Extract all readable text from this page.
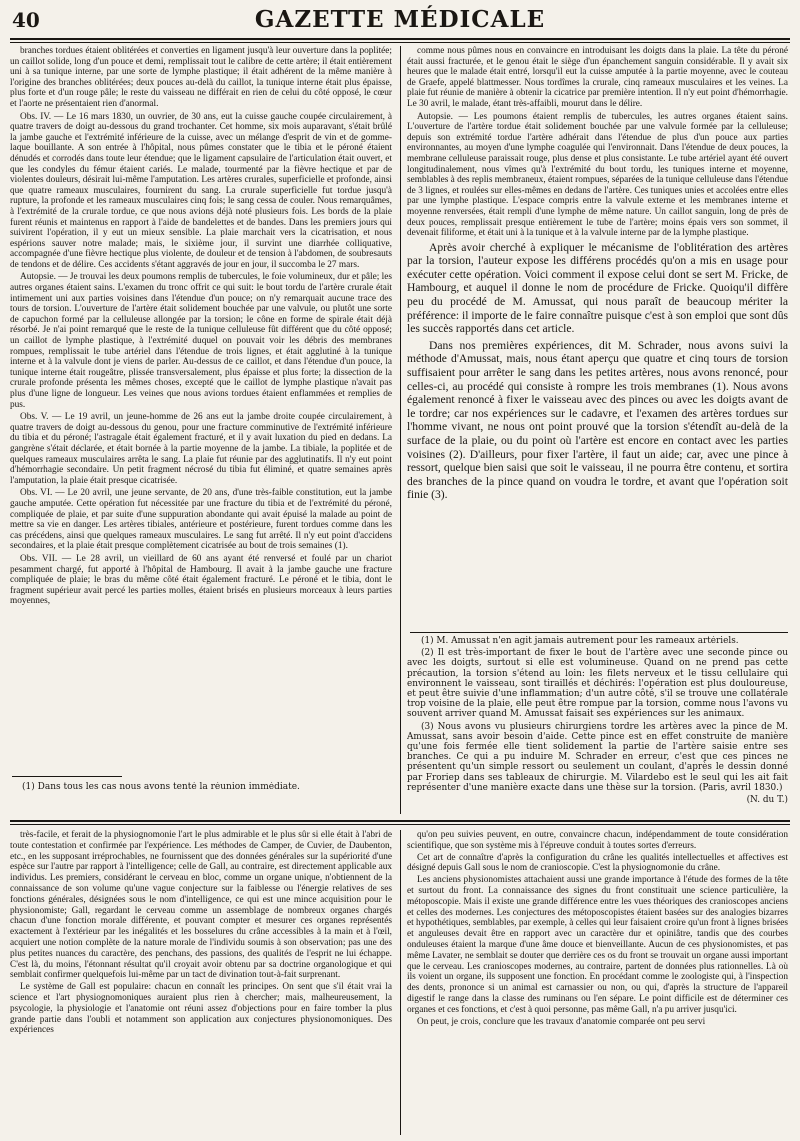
40	GAZETTE MÉDICALE

branches tordues étaient oblitérées et converties en ligament jusqu'à leur ouverture dans la poplitée; un caillot solide, long d'un pouce et demi, remplissait tout le calibre de cette artère; il était entièrement uni à sa tunique interne, par une sorte de lymphe plastique; il était adhérent de la même manière à l'origine des branches oblitérées; deux pouces au-delà du caillot, la tunique interne était plus épaisse, plus forte et d'un rouge pâle; le reste du vaisseau ne différait en rien de celui du côté opposé, le cœur et l'aorte ne présentaient rien d'anormal.

Obs. IV. — Le 16 mars 1830, un ouvrier, de 30 ans, eut la cuisse gauche coupée circulairement, à quatre travers de doigt au-dessous du grand trochanter. Cet homme, six mois auparavant, s'était brûlé la jambe gauche et l'extrémité inférieure de la cuisse, avec un mélange d'esprit de vin et de gomme-laque bouillante. A son entrée à l'hôpital, nous pûmes constater que le tibia et le péroné étaient dénudés et corrodés dans toute leur étendue; que le ligament capsulaire de l'articulation était ouvert, et que les condyles du fémur étaient cariés. Le malade, tourmenté par la fièvre hectique et par de violentes douleurs, désirait lui-même l'amputation. Les artères crurales, superficielle et profonde, ainsi que quatre rameaux musculaires, fournirent du sang. La crurale superficielle fut tordue jusqu'à rupture, la profonde et les rameaux musculaires cinq fois; le sang cessa de couler. Nous remarquâmes, à l'extrémité de la crurale tordue, ce que nous avions déjà noté plusieurs fois. Les bords de la plaie furent réunis et maintenus en rapport à l'aide de bandelettes et de bandes. Dans les premiers jours qui suivirent l'opération, il y eut un mieux sensible. La plaie marchait vers la cicatrisation, et nous espérions sauver notre malade; mais, le sixième jour, il survint une diarrhée colliquative, accompagnée d'une fièvre hectique plus violente, de douleur et de tension à l'abdomen, de soubresauts de tendons et de délire. Ces accidents s'étant aggravés de jour en jour, il succomba le 27 mars.

Autopsie. — Je trouvai les deux poumons remplis de tubercules, le foie volumineux, dur et pâle; les autres organes étaient sains. L'examen du tronc offrit ce qui suit: le bout tordu de l'artère crurale était intimement uni aux parties voisines dans l'étendue d'un pouce; on n'y remarquait aucune trace des tours de torsion. L'ouverture de l'artère était solidement bouchée par une valvule, ou plutôt une sorte de capuchon formé par la celluleuse allongée par la torsion; le cône en forme de spirale était déjà résorbé. Je n'ai point remarqué que le reste de la tunique celluleuse fût différent que du côté opposé; un caillot de lymphe plastique, à l'extrémité duquel on pouvait voir les débris des membranes rompues, remplissait le tube artériel dans l'étendue de trois lignes, et était agglutiné à la tunique interne et à la valvule dont je viens de parler. Au-dessus de ce caillot, et dans l'étendue d'un pouce, la tunique interne était rougeâtre, plissée transversalement, plus épaisse et plus forte; la dissection de la crurale profonde présenta les mêmes choses, excepté que le caillot de lymphe plastique n'avait pas plus d'une ligne de longueur. Les veines que nous avions tordues étaient enflammées et remplies de pus.

Obs. V. — Le 19 avril, un jeune-homme de 26 ans eut la jambe droite coupée circulairement, à quatre travers de doigt au-dessous du genou, pour une fracture comminutive de l'extrémité inférieure du tibia et du péroné; l'astragale était également fracturé, et il y avait luxation du pied en dedans. La gangrène s'était déclarée, et était bornée à la partie moyenne de la jambe. La tibiale, la poplitée et de quelques rameaux musculaires arrêta le sang. La plaie fut réunie par des agglutinatifs. Il n'y eut point d'hémorrhagie secondaire. Un petit fragment nécrosé du tibia fut éliminé, et quatre semaines après l'amputation, la plaie était presque cicatrisée.

Obs. VI. — Le 20 avril, une jeune servante, de 20 ans, d'une très-faible constitution, eut la jambe gauche amputée. Cette opération fut nécessitée par une fracture du tibia et de l'extrémité du péroné, compliquée de plaie, et par suite d'une suppuration abondante qui avait épuisé la malade au point de mettre sa vie en danger. Les artères tibiales, antérieure et postérieure, furent tordues comme dans les cas précédens, ainsi que quelques rameaux musculaires. Le sang fut arrêté. Il n'y eut point d'accidens secondaires, et la plaie était presque complètement cicatrisée au bout de trois semaines (1).

Obs. VII. — Le 28 avril, un vieillard de 60 ans ayant été renversé et foulé par un chariot pesamment chargé, fut apporté à l'hôpital de Hambourg. Il avait à la jambe gauche une fracture compliquée de plaie; le bras du même côté était également fracturé. Le péroné et le tibia, dont le fragment supérieur avait percé les parties molles, étaient brisés en plusieurs morceaux à leurs parties moyennes,

(1) Dans tous les cas nous avons tenté la réunion immédiate.

comme nous pûmes nous en convaincre en introduisant les doigts dans la plaie. La tête du péroné était aussi fracturée, et le genou était le siège d'un épanchement sanguin considérable. Il y avait six heures que le malade était entré, lorsqu'il eut la cuisse amputée à la partie moyenne, avec le couteau de Graefe, appelé blattmesser. Nous tordîmes la crurale, cinq rameaux musculaires et les veines. La plaie fut réunie de manière à obtenir la cicatrice par première intention. Il n'y eut point d'hémorrhagie. Le 30 avril, le malade, étant très-affaibli, mourut dans le délire.

Autopsie. — Les poumons étaient remplis de tubercules, les autres organes étaient sains. L'ouverture de l'artère tordue était solidement bouchée par une valvule formée par la celluleuse; depuis son extrémité tordue l'artère adhérait dans l'étendue de plus d'un pouce aux parties environnantes, au moyen d'une lymphe coagulée qui l'environnait. Dans l'étendue de deux pouces, la membrane celluleuse paraissait rouge, plus dense et plus consistante. Le tube artériel ayant été ouvert longitudinalement, nous vîmes qu'à l'extrémité du bout tordu, les tuniques interne et moyenne, semblables à des replis membraneux, étaient rompues, séparées de la tunique celluleuse dans l'étendue de 3 lignes, et roulées sur elles-mêmes en dedans de l'artère. Ces tuniques unies et accolées entre elles par une lymphe plastique. L'espace compris entre la valvule externe et les membranes interne et moyenne renversées, était rempli d'une lymphe de même nature. Un caillot sanguin, long de près de deux pouces, remplissait presque entièrement le tube de l'artère; moins épais vers son sommet, il devenait filiforme, et était uni à la tunique et à la valvule interne par de la lymphe plastique.

Après avoir cherché à expliquer le mécanisme de l'oblitération des artères par la torsion, l'auteur expose les différens procédés qu'on a mis en usage pour exécuter cette opération. Voici comment il expose celui dont se sert M. Fricke, de Hambourg, et auquel il donne le nom de procédure de Fricke. Quoiqu'il diffère peu du procédé de M. Amussat, qui nous paraît de beaucoup mériter la préférence: il importe de le faire connaître puisque c'est à son emploi que sont dûs les succès rapportés dans cet article.

Dans nos premières expériences, dit M. Schrader, nous avons suivi la méthode d'Amussat, mais, nous étant aperçu que quatre et cinq tours de torsion suffisaient pour arrêter le sang dans les petites artères, nous avons renoncé, pour celles-ci, au procédé qui consiste à rompre les trois membranes (1). Nous avons également renoncé à fixer le vaisseau avec des pinces ou avec les doigts avant de le tordre; car nos expériences sur le cadavre, et l'examen des artères tordues sur l'homme vivant, ne nous ont point prouvé que la torsion s'étendît au-delà de la surface de la plaie, ou du point où l'artère est encore en contact avec les parties voisines (2). D'ailleurs, pour fixer l'artère, il faut un aide; car, avec une pince à ressort, quelque bien saisi que soit le vaisseau, il ne pourra être contenu, et sortira des branches de la pince quand on voudra le tordre, et avant que l'opération soit finie (3).

(1) M. Amussat n'en agit jamais autrement pour les rameaux artériels.

(2) Il est très-important de fixer le bout de l'artère avec une seconde pince ou avec les doigts, surtout si elle est volumineuse. Quand on ne prend pas cette précaution, la torsion s'étend au loin: les filets nerveux et le tissu cellulaire qui environnent le vaisseau, sont tiraillés et déchirés: l'opération est plus douloureuse, et peut être suivie d'une inflammation; d'un autre côté, s'il se trouve une collatérale trop voisine de la plaie, elle peut être rompue par la torsion, comme nous l'avons vu souvent arriver quand M. Amussat faisait ses expériences sur les animaux.

(3) Nous avons vu plusieurs chirurgiens tordre les artères avec la pince de M. Amussat, sans avoir besoin d'aide. Cette pince est en effet construite de manière qu'une fois fermée elle tient solidement la partie de l'artère saisie entre ses branches. Ce qui a pu induire M. Schrader en erreur, c'est que ces pinces ne présentent qu'un simple ressort ou seulement un coulant, d'après le dessin donné par Froriep dans ses tableaux de chirurgie. M. Vilardebo est le seul qui les ait fait représenter d'une manière exacte dans une thèse sur la torsion. (Paris, avril 1830.)

(N. du T.)

très-facile, et ferait de la physiognomonie l'art le plus admirable et le plus sûr si elle était à l'abri de toute contestation et confirmée par l'expérience. Les méthodes de Camper, de Cuvier, de Daubenton, etc., en les supposant irréprochables, ne fournissent que des données générales sur la supériorité d'une espèce sur l'autre par rapport à l'intelligence; celle de Gall, au contraire, est directement applicable aux individus. Les premiers, considérant le cerveau en bloc, comme un organe unique, n'obtiennent de la connaissance de son volume qu'une vague conjecture sur la faiblesse ou l'énergie relatives de ses fonctions générales, désignées sous le nom d'intelligence, ce qui est une mince acquisition pour le physionomiste; Gall, regardant le cerveau comme un assemblage de nombreux organes chargés chacun d'une fonction morale différente, et pouvant compter et mesurer ces organes représentés exactement à l'extérieur par les inégalités et les bosselures du crâne accessibles à la main et à l'œil, acquiert une notion complète de la nature morale de l'individu soumis à son observation; pas une des plus petites nuances du caractère, des penchans, des passions, des qualités de l'esprit ne lui échappe. C'est là, du moins, l'étonnant résultat qu'il croyait avoir obtenu par sa doctrine organologique et qui semblait confirmer quelquefois lui-même par un tact de divination tout-à-fait surprenant.

Le système de Gall est populaire: chacun en connaît les principes. On sent que s'il était vrai la science et l'art physiognomoniques auraient plus rien à chercher; mais, malheureusement, la psycologie, la physiologie et l'anatomie ont réuni assez d'objections pour en faire tomber la plus grande partie dans l'oubli et notamment son application aux conjectures physionomoniques. Des expériences

qu'on peu suivies peuvent, en outre, convaincre chacun, indépendamment de toute considération scientifique, que son système mis à l'épreuve conduit à toutes sortes d'erreurs.

Cet art de connaître d'après la configuration du crâne les qualités intellectuelles et affectives est désigné depuis Gall sous le nom de cranioscopie. C'est la physiognomonie du crâne.

Les anciens physionomistes attachaient aussi une grande importance à l'étude des formes de la tête et surtout du front. La connaissance des signes du front constituait une science particulière, la métoposcopie. Mais il existe une grande différence entre les vues théoriques des cranioscopes anciens et celles des modernes. Les conjectures des métoposcopistes étaient basées sur des analogies bizarres et hypothétiques, semblables, par exemple, à celles qui leur faisaient croire qu'un front à lignes brisées et anguleuses devait être en rapport avec un caractère dur et opiniâtre, tandis que des courbes onduleuses étaient la marque d'une âme douce et bienveillante. Aucun de ces physionomistes, et pas même Lavater, ne semblait se douter que derrière ces os du front se trouvait un organe aussi important que le cerveau. Les cranioscopes modernes, au contraire, partent de données plus rationnelles. Là où ils voient un organe, ils supposent une fonction. En procédant comme le zoologiste qui, à l'inspection des dents, prononce si un animal est carnassier ou non, ou qui, d'après la structure de l'appareil digestif le range dans la classe des ruminans ou l'en sépare. Le point difficile est de déterminer ces organes et ces fonctions, et c'est à quoi personne, pas même Gall, n'a pu arriver jusqu'ici.

On peut, je crois, conclure que les travaux d'anatomie comparée ont peu servi
